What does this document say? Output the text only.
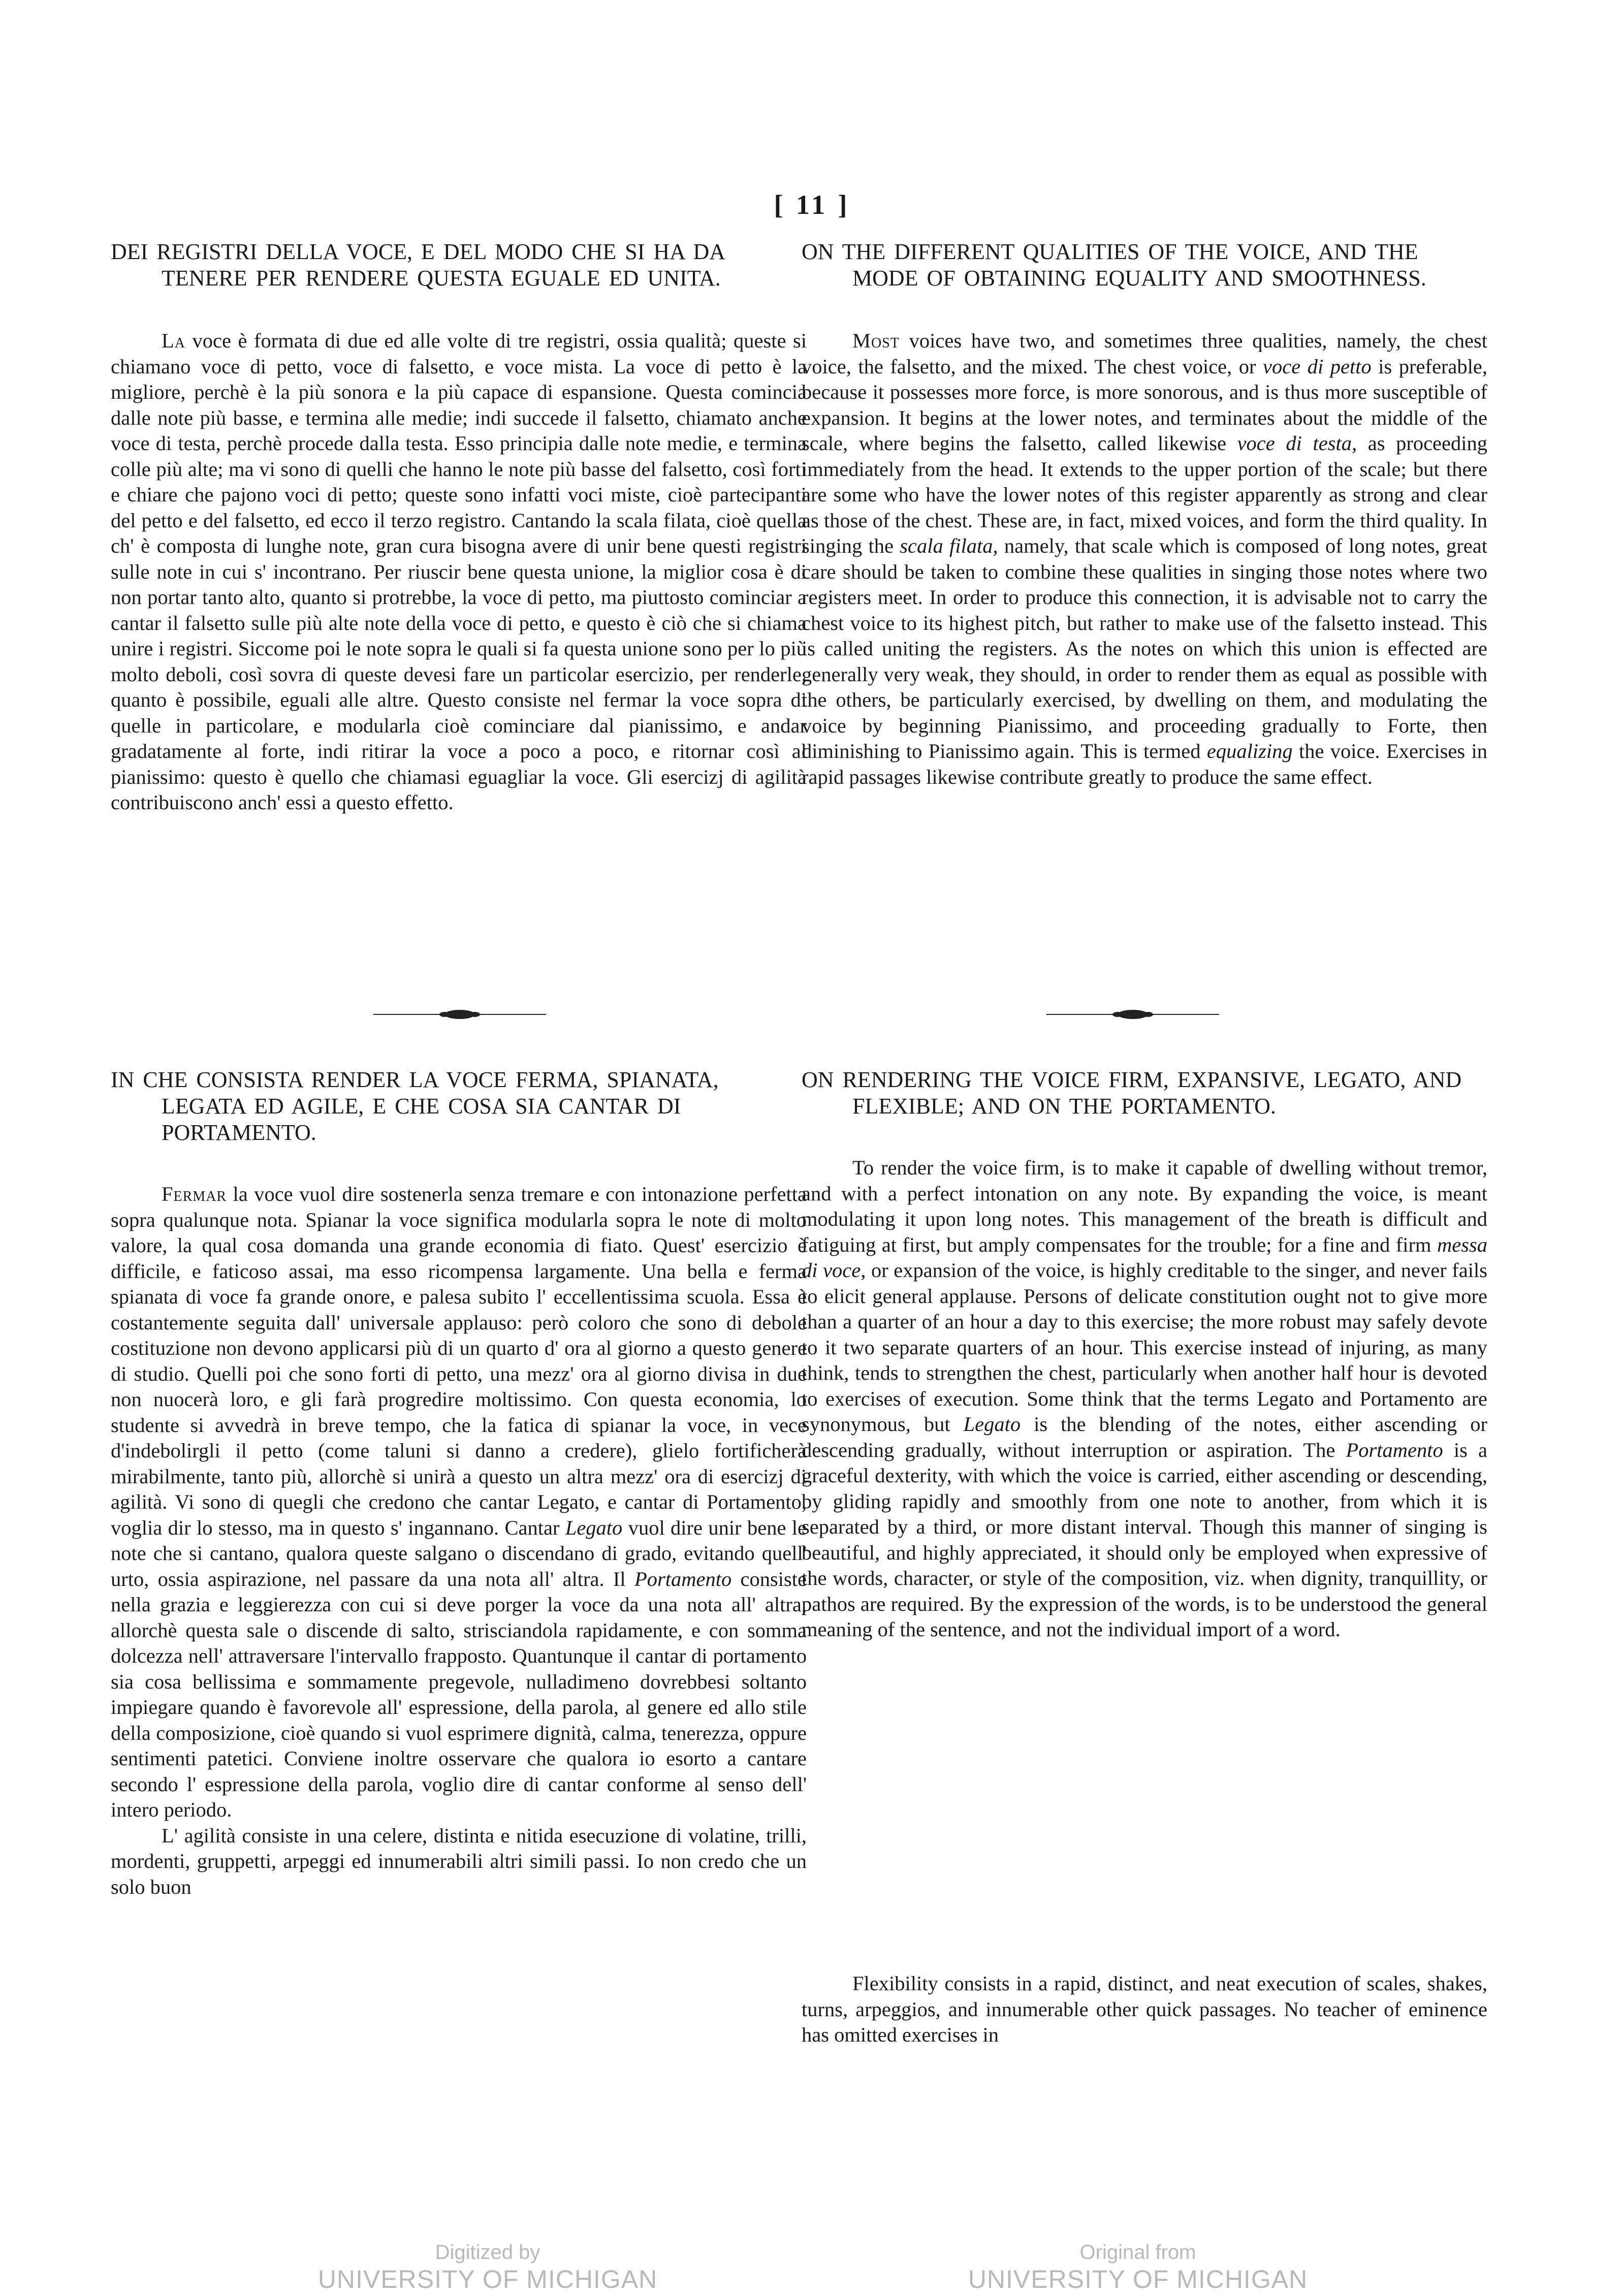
[ 11 ]
DEI REGISTRI DELLA VOCE, E DEL MODO CHE SI HA DA TENERE PER RENDERE QUESTA EGUALE ED UNITA.

La voce è formata di due ed alle volte di tre registri, ossia qualità; queste si chiamano voce di petto, voce di falsetto, e voce mista. La voce di petto è la migliore, perchè è la più sonora e la più capace di espansione. Questa comincia dalle note più basse, e termina alle medie; indi succede il falsetto, chiamato anche voce di testa, perchè procede dalla testa. Esso principia dalle note medie, e termina colle più alte; ma vi sono di quelli che hanno le note più basse del falsetto, così forti e chiare che pajono voci di petto; queste sono infatti voci miste, cioè partecipanti del petto e del falsetto, ed ecco il terzo registro. Cantando la scala filata, cioè quella ch' è composta di lunghe note, gran cura bisogna avere di unir bene questi registri sulle note in cui s' incontrano. Per riuscir bene questa unione, la miglior cosa è di non portar tanto alto, quanto si protrebbe, la voce di petto, ma piuttosto cominciar a cantar il falsetto sulle più alte note della voce di petto, e questo è ciò che si chiama unire i registri. Siccome poi le note sopra le quali si fa questa unione sono per lo più molto deboli, così sovra di queste devesi fare un particolar esercizio, per renderle, quanto è possibile, eguali alle altre. Questo consiste nel fermar la voce sopra di quelle in particolare, e modularla cioè cominciare dal pianissimo, e andar gradatamente al forte, indi ritirar la voce a poco a poco, e ritornar così al pianissimo: questo è quello che chiamasi eguagliar la voce. Gli esercizj di agilità contribuiscono anch' essi a questo effetto.

ON THE DIFFERENT QUALITIES OF THE VOICE, AND THE MODE OF OBTAINING EQUALITY AND SMOOTHNESS.

Most voices have two, and sometimes three qualities, namely, the chest voice, the falsetto, and the mixed. The chest voice, or voce di petto is preferable, because it possesses more force, is more sonorous, and is thus more susceptible of expansion. It begins at the lower notes, and terminates about the middle of the scale, where begins the falsetto, called likewise voce di testa, as proceeding immediately from the head. It extends to the upper portion of the scale; but there are some who have the lower notes of this register apparently as strong and clear as those of the chest. These are, in fact, mixed voices, and form the third quality. In singing the scala filata, namely, that scale which is composed of long notes, great care should be taken to combine these qualities in singing those notes where two registers meet. In order to produce this connection, it is advisable not to carry the chest voice to its highest pitch, but rather to make use of the falsetto instead. This is called uniting the registers. As the notes on which this union is effected are generally very weak, they should, in order to render them as equal as possible with the others, be particularly exercised, by dwelling on them, and modulating the voice by beginning Pianissimo, and proceeding gradually to Forte, then diminishing to Pianissimo again. This is termed equalizing the voice. Exercises in rapid passages likewise contribute greatly to produce the same effect.

IN CHE CONSISTA RENDER LA VOCE FERMA, SPIANATA, LEGATA ED AGILE, E CHE COSA SIA CANTAR DI PORTAMENTO.

Fermar la voce vuol dire sostenerla senza tremare e con intonazione perfetta sopra qualunque nota. Spianar la voce significa modularla sopra le note di molto valore, la qual cosa domanda una grande economia di fiato. Quest' esercizio è difficile, e faticoso assai, ma esso ricompensa largamente. Una bella e ferma spianata di voce fa grande onore, e palesa subito l' eccellentissima scuola. Essa è costantemente seguita dall' universale applauso: però coloro che sono di debole costituzione non devono applicarsi più di un quarto d' ora al giorno a questo genere di studio. Quelli poi che sono forti di petto, una mezz' ora al giorno divisa in due non nuocerà loro, e gli farà progredire moltissimo. Con questa economia, lo studente si avvedrà in breve tempo, che la fatica di spianar la voce, in vece d'indebolirgli il petto (come taluni si danno a credere), glielo fortificherà mirabilmente, tanto più, allorchè si unirà a questo un altra mezz' ora di esercizj di agilità. Vi sono di quegli che credono che cantar Legato, e cantar di Portamento, voglia dir lo stesso, ma in questo s' ingannano. Cantar Legato vuol dire unir bene le note che si cantano, qualora queste salgano o discendano di grado, evitando quell' urto, ossia aspirazione, nel passare da una nota all' altra. Il Portamento consiste nella grazia e leggierezza con cui si deve porger la voce da una nota all' altra, allorchè questa sale o discende di salto, strisciandola rapidamente, e con somma dolcezza nell' attraversare l'intervallo frapposto. Quantunque il cantar di portamento sia cosa bellissima e sommamente pregevole, nulladimeno dovrebbesi soltanto impiegare quando è favorevole all' espressione, della parola, al genere ed allo stile della composizione, cioè quando si vuol esprimere dignità, calma, tenerezza, oppure sentimenti patetici. Conviene inoltre osservare che qualora io esorto a cantare secondo l' espressione della parola, voglio dire di cantar conforme al senso dell' intero periodo.

L' agilità consiste in una celere, distinta e nitida esecuzione di volatine, trilli, mordenti, gruppetti, arpeggi ed innumerabili altri simili passi. Io non credo che un solo buon

ON RENDERING THE VOICE FIRM, EXPANSIVE, LEGATO, AND FLEXIBLE; AND ON THE PORTAMENTO.

To render the voice firm, is to make it capable of dwelling without tremor, and with a perfect intonation on any note. By expanding the voice, is meant modulating it upon long notes. This management of the breath is difficult and fatiguing at first, but amply compensates for the trouble; for a fine and firm messa di voce, or expansion of the voice, is highly creditable to the singer, and never fails to elicit general applause. Persons of delicate constitution ought not to give more than a quarter of an hour a day to this exercise; the more robust may safely devote to it two separate quarters of an hour. This exercise instead of injuring, as many think, tends to strengthen the chest, particularly when another half hour is devoted to exercises of execution. Some think that the terms Legato and Portamento are synonymous, but Legato is the blending of the notes, either ascending or descending gradually, without interruption or aspiration. The Portamento is a graceful dexterity, with which the voice is carried, either ascending or descending, by gliding rapidly and smoothly from one note to another, from which it is separated by a third, or more distant interval. Though this manner of singing is beautiful, and highly appreciated, it should only be employed when expressive of the words, character, or style of the composition, viz. when dignity, tranquillity, or pathos are required. By the expression of the words, is to be understood the general meaning of the sentence, and not the individual import of a word.

Flexibility consists in a rapid, distinct, and neat execution of scales, shakes, turns, arpeggios, and innumerable other quick passages. No teacher of eminence has omitted exercises in

Digitized by
UNIVERSITY OF MICHIGAN
Original from
UNIVERSITY OF MICHIGAN
